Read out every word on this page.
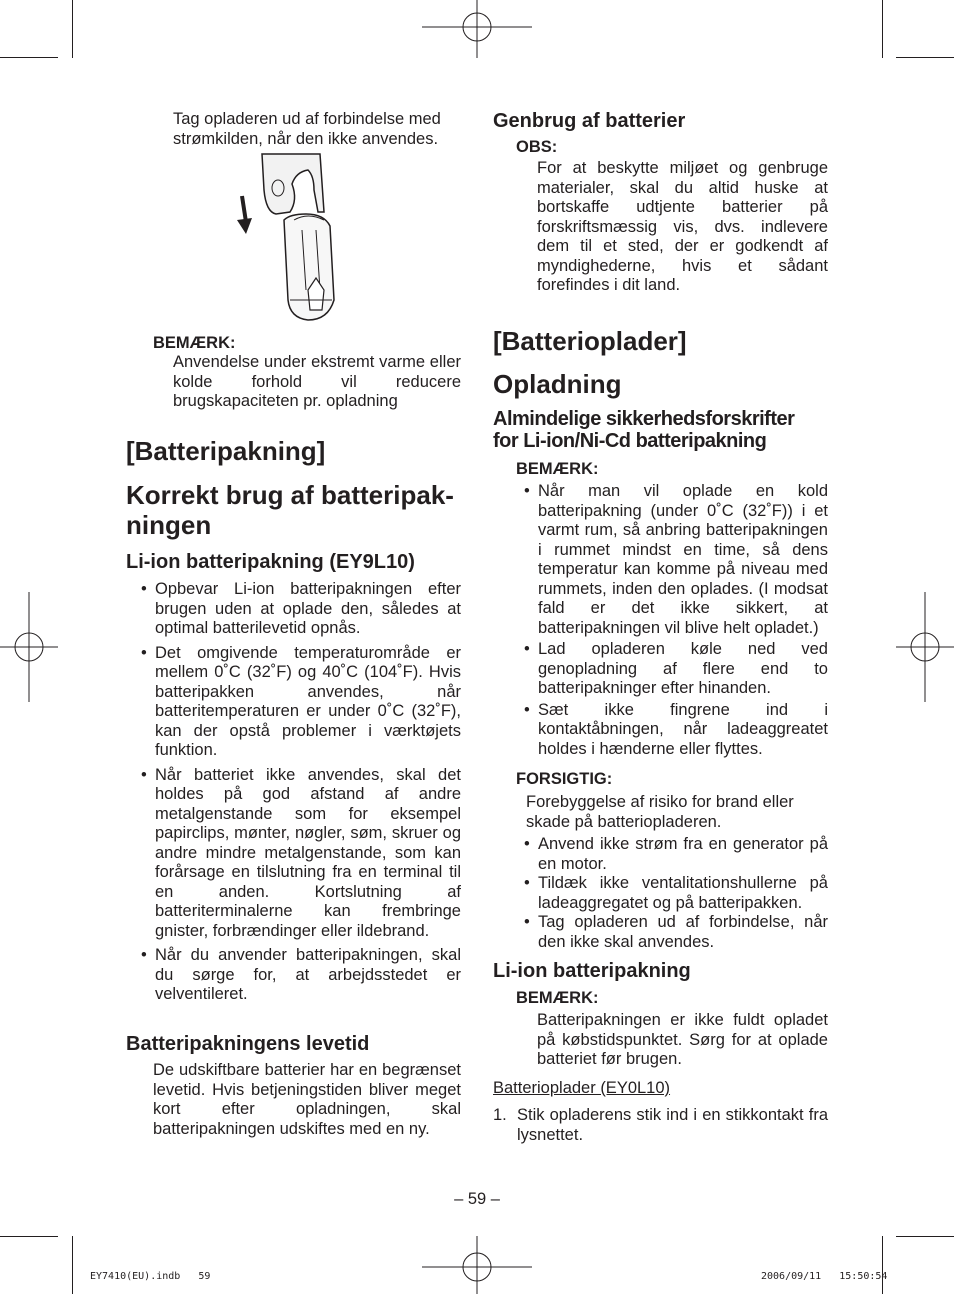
Tag opladeren ud af forbindelse med strømkilden, når den ikke anvendes.

BEMÆRK:

Anvendelse under ekstremt varme eller kolde forhold vil reducere brugskapaciteten pr. opladning

[Batteripakning]

Korrekt brug af batteripak-

ningen

Li-ion batteripakning (EY9L10)

• Opbevar Li-ion batteripakningen efter brugen uden at oplade den, således at optimal batterilevetid opnås.
• Det omgivende temperaturområde er mellem 0˚C (32˚F) og 40˚C (104˚F). Hvis batteripakken anvendes, når batteritemperaturen er under 0˚C (32˚F), kan der opstå problemer i værktøjets funktion.
• Når batteriet ikke anvendes, skal det holdes på god afstand af andre metalgenstande som for eksempel papirclips, mønter, nøgler, søm, skruer og andre mindre metalgenstande, som kan forårsage en tilslutning fra en terminal til en anden. Kortslutning af batteriterminalerne kan frembringe gnister, forbrændinger eller ildebrand.
• Når du anvender batteripakningen, skal du sørge for, at arbejdsstedet er velventileret.

Batteripakningens levetid

De udskiftbare batterier har en begrænset levetid. Hvis betjeningstiden bliver meget kort efter opladningen, skal batteripakningen udskiftes med en ny.

Genbrug af batterier

OBS:

For at beskytte miljøet og genbruge materialer, skal du altid huske at bortskaffe udtjente batterier på forskriftsmæssig vis, dvs. indlevere dem til et sted, der er godkendt af myndighederne, hvis et sådant forefindes i dit land.

[Batterioplader]

Opladning

Almindelige sikkerhedsforskrifter

for Li-ion/Ni-Cd batteripakning

BEMÆRK:

• Når man vil oplade en kold batteripakning (under 0˚C (32˚F)) i et varmt rum, så anbring batteripakningen i rummet mindst en time, så dens temperatur kan komme på niveau med rummets, inden den oplades. (I modsat fald er det ikke sikkert, at batteripakningen vil blive helt opladet.)
• Lad opladeren køle ned ved genopladning af flere end to batteripakninger efter hinanden.
• Sæt ikke fingrene ind i kontaktåbningen, når ladeaggreatet holdes i hænderne eller flyttes.

FORSIGTIG:

Forebyggelse af risiko for brand eller skade på batteriopladeren.

• Anvend ikke strøm fra en generator på en motor.
• Tildæk ikke ventalitationshullerne på ladeaggregatet og på batteripakken.
• Tag opladeren ud af forbindelse, når den ikke skal anvendes.

Li-ion batteripakning

BEMÆRK:

Batteripakningen er ikke fuldt opladet på købstidspunktet. Sørg for at oplade batteriet før brugen.

Batterioplader (EY0L10)

1. Stik opladerens stik ind i en stikkontakt fra lysnettet.

– 59 –

EY7410(EU).indb   59	2006/09/11   15:50:54
